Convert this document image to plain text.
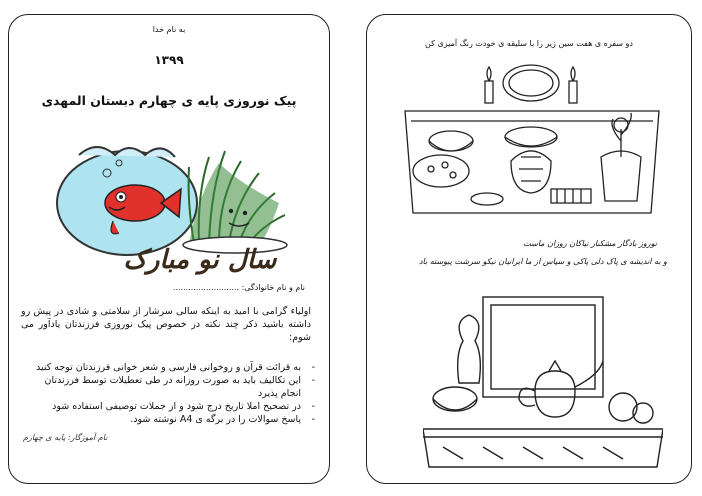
به نام خدا
۱۳۹۹
پیک نوروزی پایه ی چهارم دبستان المهدی
سال نو مبارک
نام و نام خانوادگی: ..........................

اولیاء گرامی با امید به اینکه سالی سرشار از سلامتی و شادی در پیش رو داشته باشید ذکر چند نکته در خصوص پیک نوروزی فرزندتان یادآور می شوم:

- به قرائت قرآن و روخوانی فارسی و شعر خوانی فرزندتان توجه کنید
- این تکالیف باید به صورت روزانه در طی تعطیلات توسط فرزندتان انجام پذیرد
- در تصحیح املا تاریخ درج شود و از جملات توصیفی استفاده شود
- پاسخ سوالات را در برگه ی A4 نوشته شود.
نام آموزگار: پایه ی چهارم
دو سفره ی هفت سین زیر را با سلیقه ی خودت رنگ آمیزی کن
نوروز یادگار مشکبار نیاکان روزان ماست
و به اندیشه ی پاک دلی پاکی و سپاس از ما ایرانیان نیکو سرشت پیوسته باد
